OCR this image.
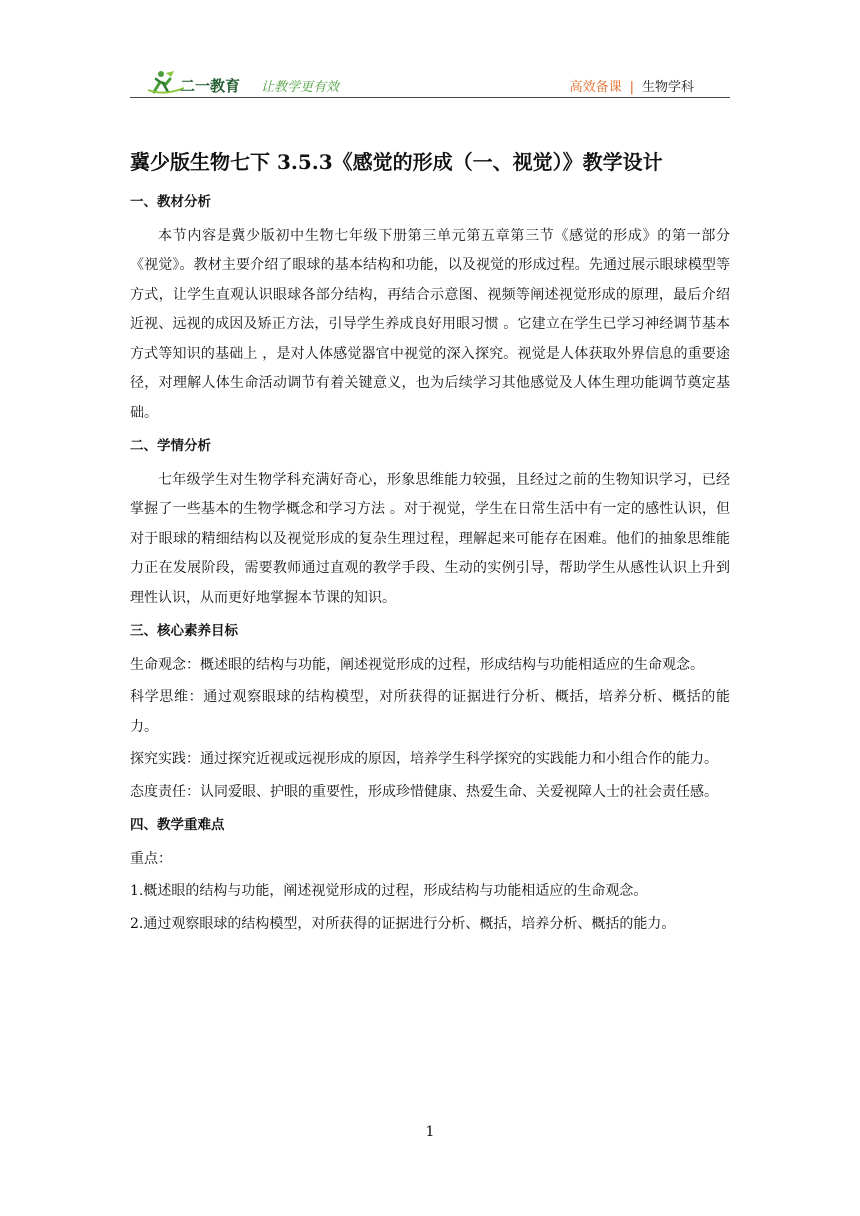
二一教育 让教学更有效	高效备课 | 生物学科
冀少版生物七下 3.5.3《感觉的形成（一、视觉）》教学设计

一、教材分析

本节内容是冀少版初中生物七年级下册第三单元第五章第三节《感觉的形成》的第一部分《视觉》。教材主要介绍了眼球的基本结构和功能，以及视觉的形成过程。先通过展示眼球模型等方式，让学生直观认识眼球各部分结构，再结合示意图、视频等阐述视觉形成的原理，最后介绍近视、远视的成因及矫正方法，引导学生养成良好用眼习惯 。它建立在学生已学习神经调节基本方式等知识的基础上 ，是对人体感觉器官中视觉的深入探究。视觉是人体获取外界信息的重要途径，对理解人体生命活动调节有着关键意义，也为后续学习其他感觉及人体生理功能调节奠定基础。

二、学情分析

七年级学生对生物学科充满好奇心，形象思维能力较强，且经过之前的生物知识学习，已经掌握了一些基本的生物学概念和学习方法 。对于视觉，学生在日常生活中有一定的感性认识，但对于眼球的精细结构以及视觉形成的复杂生理过程，理解起来可能存在困难。他们的抽象思维能力正在发展阶段，需要教师通过直观的教学手段、生动的实例引导，帮助学生从感性认识上升到理性认识，从而更好地掌握本节课的知识。

三、核心素养目标

生命观念：概述眼的结构与功能，阐述视觉形成的过程，形成结构与功能相适应的生命观念。

科学思维：通过观察眼球的结构模型，对所获得的证据进行分析、概括，培养分析、概括的能力。

探究实践：通过探究近视或远视形成的原因，培养学生科学探究的实践能力和小组合作的能力。

态度责任：认同爱眼、护眼的重要性，形成珍惜健康、热爱生命、关爱视障人士的社会责任感。

四、教学重难点

重点：

1.概述眼的结构与功能，阐述视觉形成的过程，形成结构与功能相适应的生命观念。

2.通过观察眼球的结构模型，对所获得的证据进行分析、概括，培养分析、概括的能力。

1
